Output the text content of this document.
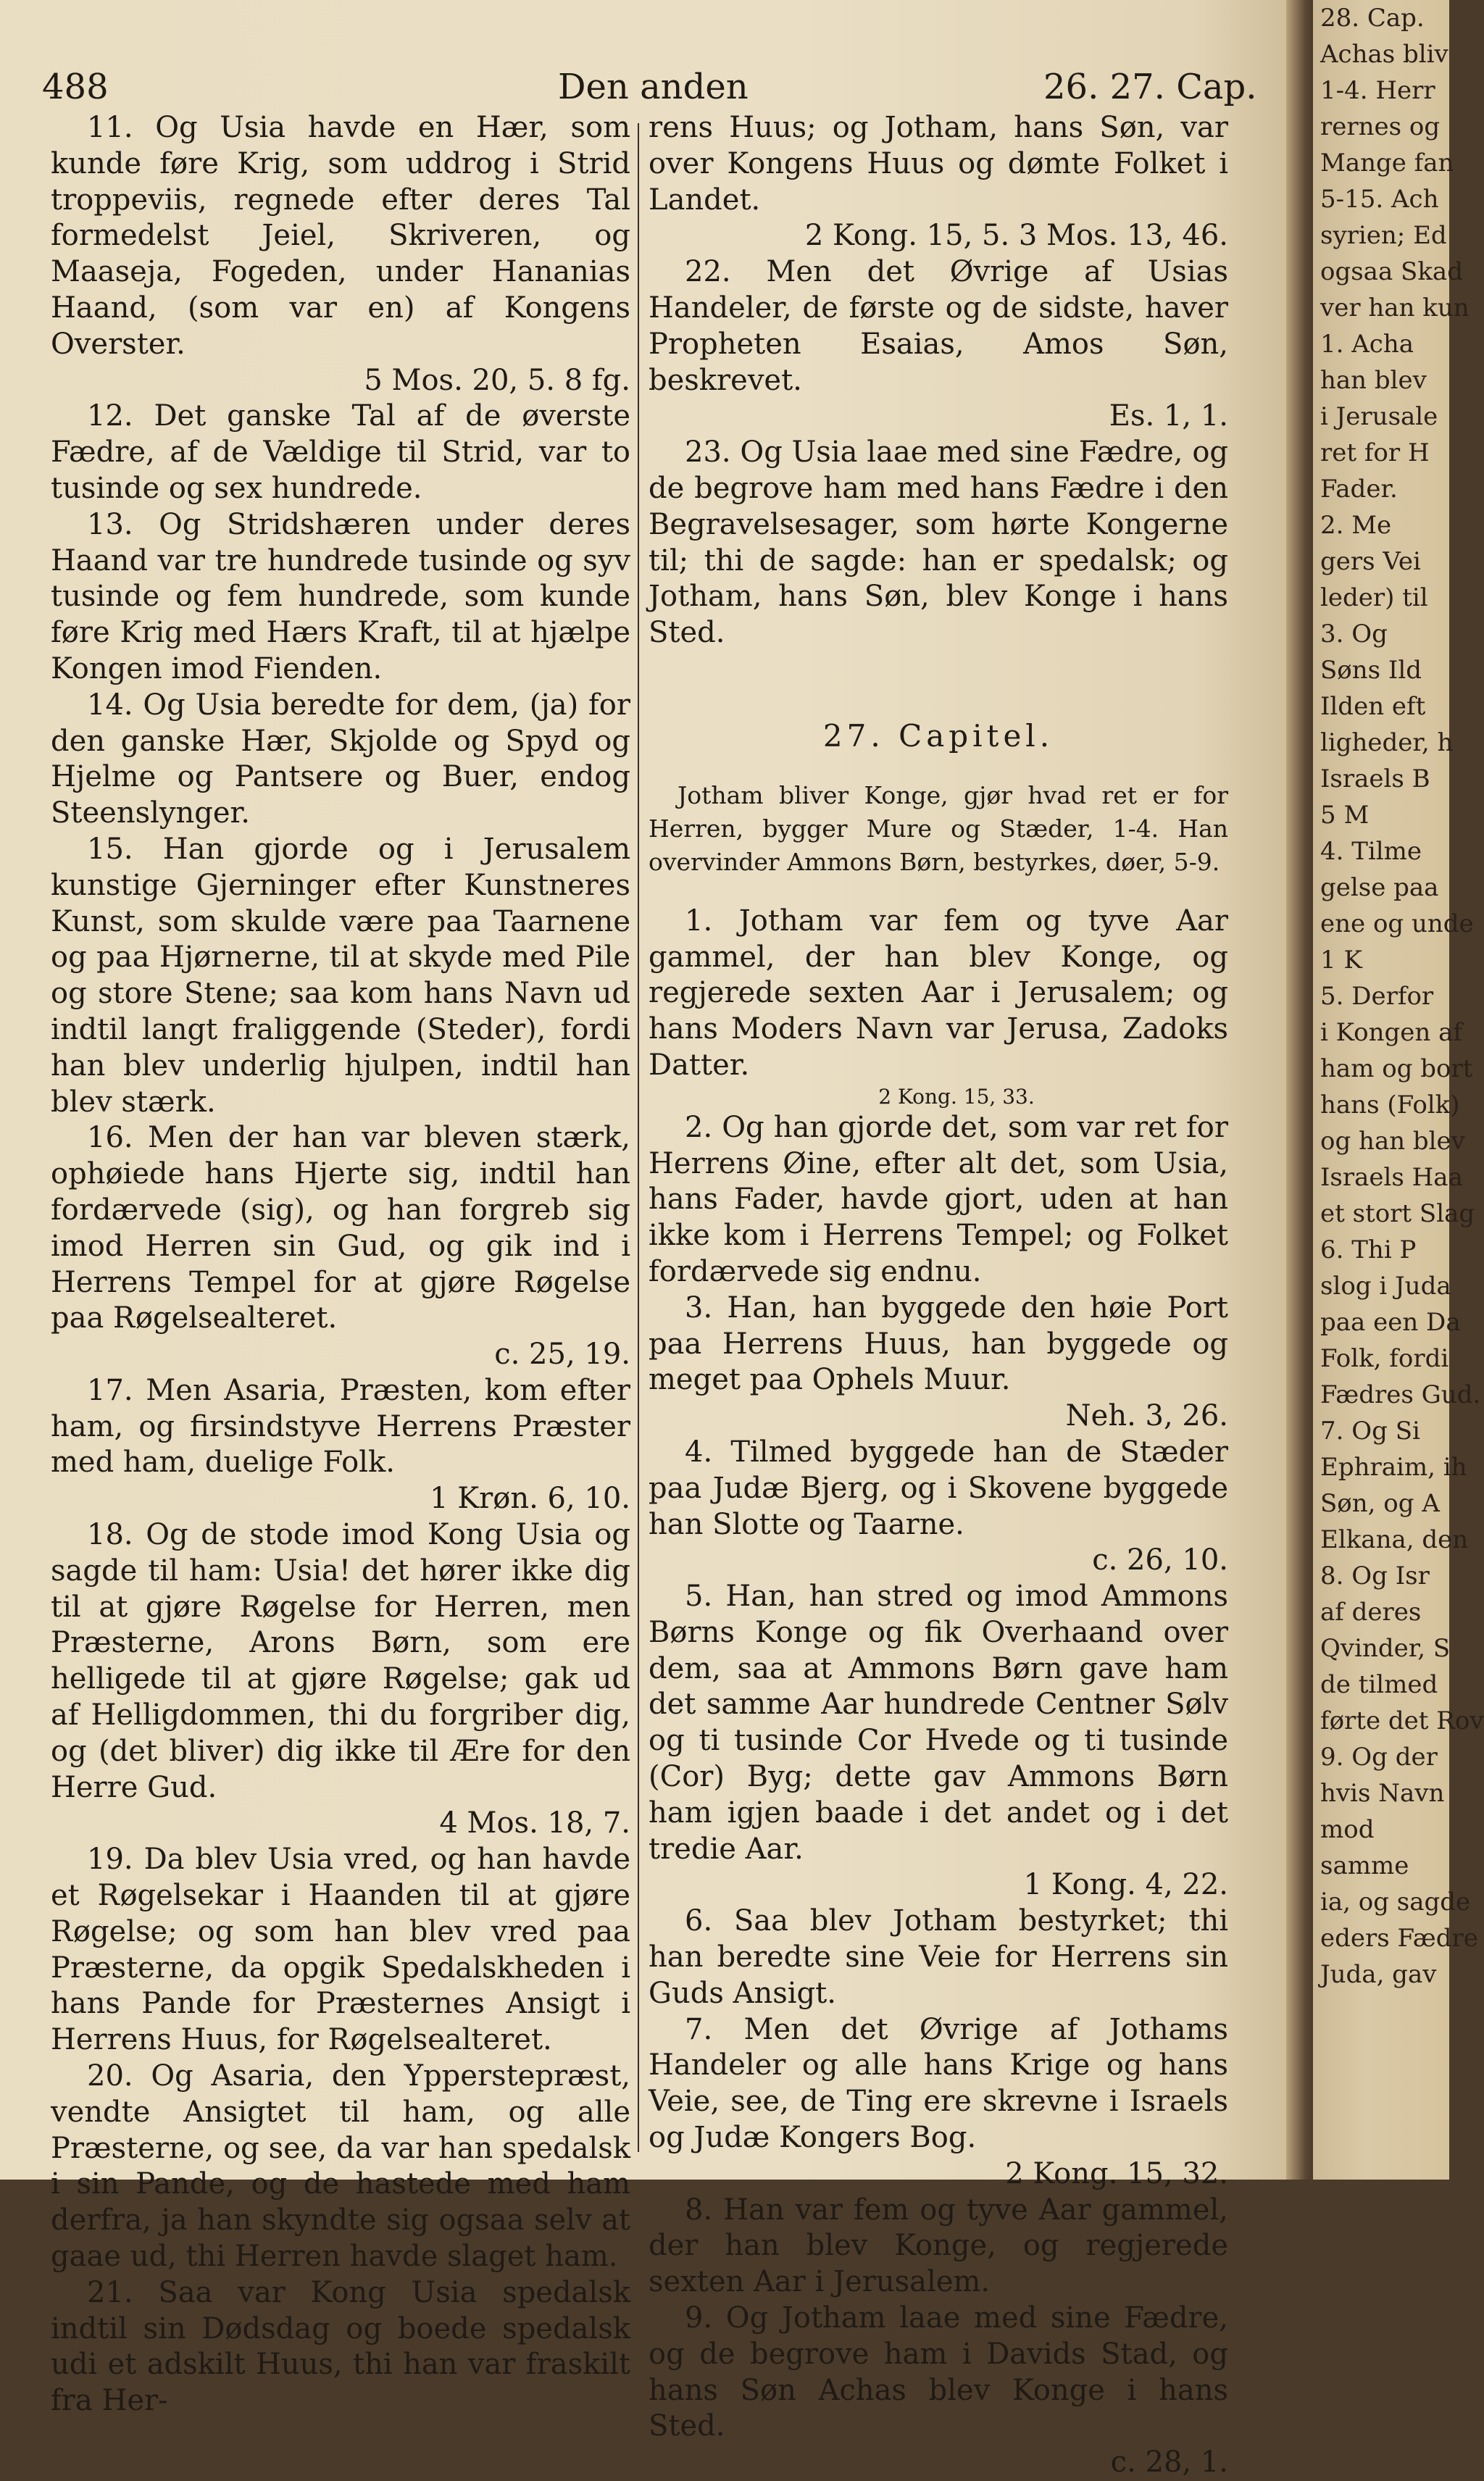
488	Den anden	26. 27. Cap.

11. Og Usia havde en Hær, som kunde føre Krig, som uddrog i Strid troppeviis, regnede efter deres Tal formedelst Jeiel, Skriveren, og Maaseja, Fogeden, under Hananias Haand, (som var en) af Kongens Overster.
5 Mos. 20, 5. 8 fg.

12. Det ganske Tal af de øverste Fædre, af de Vældige til Strid, var to tusinde og sex hundrede.

13. Og Stridshæren under deres Haand var tre hundrede tusinde og syv tusinde og fem hundrede, som kunde føre Krig med Hærs Kraft, til at hjælpe Kongen imod Fienden.

14. Og Usia beredte for dem, (ja) for den ganske Hær, Skjolde og Spyd og Hjelme og Pantsere og Buer, endog Steenslynger.

15. Han gjorde og i Jerusalem kunstige Gjerninger efter Kunstneres Kunst, som skulde være paa Taarnene og paa Hjørnerne, til at skyde med Pile og store Stene; saa kom hans Navn ud indtil langt fraliggende (Steder), fordi han blev underlig hjulpen, indtil han blev stærk.

16. Men der han var bleven stærk, ophøiede hans Hjerte sig, indtil han fordærvede (sig), og han forgreb sig imod Herren sin Gud, og gik ind i Herrens Tempel for at gjøre Røgelse paa Røgelsealteret.
c. 25, 19.

17. Men Asaria, Præsten, kom efter ham, og firsindstyve Herrens Præster med ham, duelige Folk.
1 Krøn. 6, 10.

18. Og de stode imod Kong Usia og sagde til ham: Usia! det hører ikke dig til at gjøre Røgelse for Herren, men Præsterne, Arons Børn, som ere helligede til at gjøre Røgelse; gak ud af Helligdommen, thi du forgriber dig, og (det bliver) dig ikke til Ære for den Herre Gud.
4 Mos. 18, 7.

19. Da blev Usia vred, og han havde et Røgelsekar i Haanden til at gjøre Røgelse; og som han blev vred paa Præsterne, da opgik Spedalskheden i hans Pande for Præsternes Ansigt i Herrens Huus, for Røgelsealteret.

20. Og Asaria, den Ypperstepræst, vendte Ansigtet til ham, og alle Præsterne, og see, da var han spedalsk i sin Pande, og de hastede med ham derfra, ja han skyndte sig ogsaa selv at gaae ud, thi Herren havde slaget ham.

21. Saa var Kong Usia spedalsk indtil sin Dødsdag og boede spedalsk udi et adskilt Huus, thi han var fraskilt fra Her-

rens Huus; og Jotham, hans Søn, var over Kongens Huus og dømte Folket i Landet.
2 Kong. 15, 5. 3 Mos. 13, 46.

22. Men det Øvrige af Usias Handeler, de første og de sidste, haver Propheten Esaias, Amos Søn, beskrevet.
Es. 1, 1.

23. Og Usia laae med sine Fædre, og de begrove ham med hans Fædre i den Begravelsesager, som hørte Kongerne til; thi de sagde: han er spedalsk; og Jotham, hans Søn, blev Konge i hans Sted.

27. Capitel.
Jotham bliver Konge, gjør hvad ret er for Herren, bygger Mure og Stæder, 1-4. Han overvinder Ammons Børn, bestyrkes, døer, 5-9.

1. Jotham var fem og tyve Aar gammel, der han blev Konge, og regjerede sexten Aar i Jerusalem; og hans Moders Navn var Jerusa, Zadoks Datter.
2 Kong. 15, 33.

2. Og han gjorde det, som var ret for Herrens Øine, efter alt det, som Usia, hans Fader, havde gjort, uden at han ikke kom i Herrens Tempel; og Folket fordærvede sig endnu.

3. Han, han byggede den høie Port paa Herrens Huus, han byggede og meget paa Ophels Muur.
Neh. 3, 26.

4. Tilmed byggede han de Stæder paa Judæ Bjerg, og i Skovene byggede han Slotte og Taarne.
c. 26, 10.

5. Han, han stred og imod Ammons Børns Konge og fik Overhaand over dem, saa at Ammons Børn gave ham det samme Aar hundrede Centner Sølv og ti tusinde Cor Hvede og ti tusinde (Cor) Byg; dette gav Ammons Børn ham igjen baade i det andet og i det tredie Aar.
1 Kong. 4, 22.

6. Saa blev Jotham bestyrket; thi han beredte sine Veie for Herrens sin Guds Ansigt.

7. Men det Øvrige af Jothams Handeler og alle hans Krige og hans Veie, see, de Ting ere skrevne i Israels og Judæ Kongers Bog.
2 Kong. 15, 32.

8. Han var fem og tyve Aar gammel, der han blev Konge, og regjerede sexten Aar i Jerusalem.

9. Og Jotham laae med sine Fædre, og de begrove ham i Davids Stad, og hans Søn Achas blev Konge i hans Sted.
c. 28, 1.

28. Cap.
Achas bliv
1-4. Herr
rernes og
Mange fan
5-15. Ach
syrien; Ed
ogsaa Skad
ver han kun
1. Acha
han blev
i Jerusale
ret for H
Fader.
2. Me
gers Vei
leder) til
3. Og
Søns Ild
Ilden eft
ligheder, h
Israels B
5 M
4. Tilme
gelse paa
ene og unde
1 K
5. Derfor
i Kongen af
ham og bort
hans (Folk)
og han blev
Israels Haa
et stort Slag
6. Thi P
slog i Juda
paa een Da
Folk, fordi
Fædres Gud.
7. Og Si
Ephraim, ih
Søn, og A
Elkana, den
8. Og Isr
af deres
Qvinder, S
de tilmed
førte det Rov
9. Og der
hvis Navn
mod
samme
ia, og sagde
eders Fædre
Juda, gav
